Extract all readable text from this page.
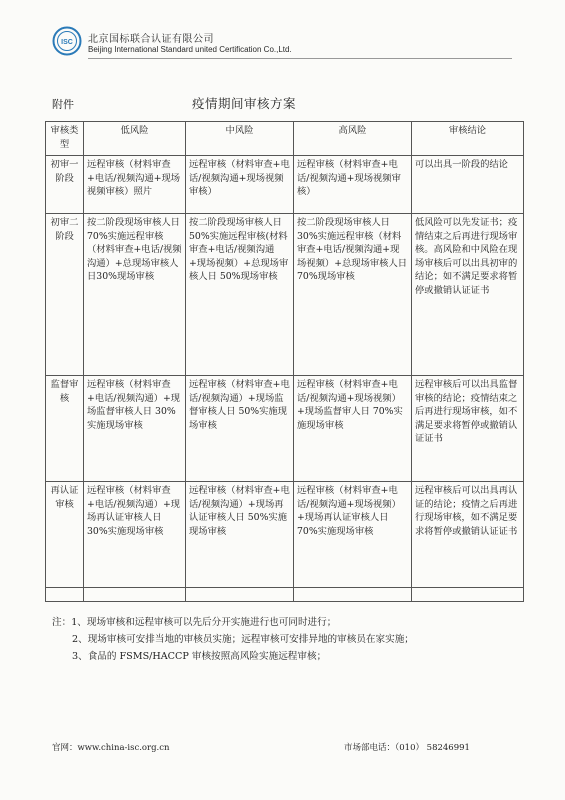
ISC 北京国标联合认证有限公司
Beijing International Standard united Certification Co.,Ltd.
附件	疫情期间审核方案
审核类型	低风险	中风险	高风险	审核结论
初审一阶段	远程审核（材料审查+电话/视频沟通+现场视频审核）照片	远程审核（材料审查+电话/视频沟通+现场视频审核）	远程审核（材料审查+电话/视频沟通+现场视频审核）	可以出具一阶段的结论
初审二阶段	按二阶段现场审核人日 70%实施远程审核（材料审查+电话/视频沟通）+总现场审核人日30%现场审核	按二阶段现场审核人日50%实施远程审核(材料审查+电话/视频沟通+现场视频）+总现场审核人日 50%现场审核	按二阶段现场审核人日 30%实施远程审核（材料审查+电话/视频沟通+现场视频）+总现场审核人日 70%现场审核	低风险可以先发证书；疫情结束之后再进行现场审核。高风险和中风险在现场审核后可以出具初审的结论；如不满足要求将暂停或撤销认证证书
监督审核	远程审核（材料审查+电话/视频沟通）+现场监督审核人日 30%实施现场审核	远程审核（材料审查+电话/视频沟通）+现场监督审核人日 50%实施现场审核	远程审核（材料审查+电话/视频沟通+现场视频）+现场监督审人日 70%实施现场审核	远程审核后可以出具监督审核的结论；疫情结束之后再进行现场审核，如不满足要求将暂停或撤销认证证书
再认证审核	远程审核（材料审查+电话/视频沟通）+现场再认证审核人日 30%实施现场审核	远程审核（材料审查+电话/视频沟通）+现场再认证审核人日 50%实施现场审核	远程审核（材料审查+电话/视频沟通+现场视频）+现场再认证审核人日 70%实施现场审核	远程审核后可以出具再认证的结论；疫情之后再进行现场审核，如不满足要求将暂停或撤销认证证书

注：1、现场审核和远程审核可以先后分开实施进行也可同时进行；
2、现场审核可安排当地的审核员实施；远程审核可安排异地的审核员在家实施；
3、食品的 FSMS/HACCP 审核按照高风险实施远程审核；
官网：www.china-isc.org.cn	市场部电话：（010） 58246991
